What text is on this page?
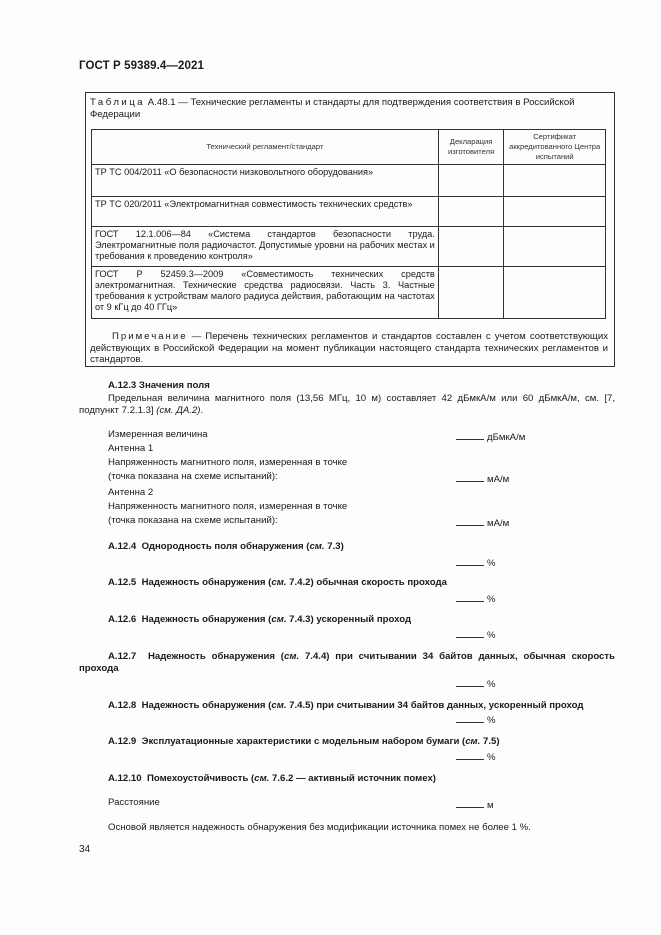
ГОСТ Р 59389.4—2021
Таблица А.48.1 — Технические регламенты и стандарты для подтверждения соответствия в Российской Федерации
Технический регламент/стандарт	Декларация изготовителя	Сертификат аккредитованного Центра испытаний
ТР ТС 004/2011 «О безопасности низковольтного оборудования»		
ТР ТС 020/2011 «Электромагнитная совместимость технических средств»		
ГОСТ 12.1.006—84 «Система стандартов безопасности труда. Электромагнитные поля радиочастот. Допустимые уровни на рабочих местах и требования к проведению контроля»		
ГОСТ Р 52459.3—2009 «Совместимость технических средств электромагнитная. Технические средства радиосвязи. Часть 3. Частные требования к устройствам малого радиуса действия, работающим на частотах от 9 кГц до 40 ГГц»		
Примечание — Перечень технических регламентов и стандартов составлен с учетом соответствующих действующих в Российской Федерации на момент публикации настоящего стандарта технических регламентов и стандартов.
А.12.3 Значения поля
Предельная величина магнитного поля (13,56 МГц, 10 м) составляет 42 дБмкА/м или 60 дБмкА/м, см. [7, подпункт 7.2.1.3] (см. ДА.2).
Измеренная величина	дБмкА/м
Антенна 1
Напряженность магнитного поля, измеренная в точке
(точка показана на схеме испытаний):	мА/м
Антенна 2
Напряженность магнитного поля, измеренная в точке
(точка показана на схеме испытаний):	мА/м
А.12.4 Однородность поля обнаружения (см. 7.3)
%
А.12.5 Надежность обнаружения (см. 7.4.2) обычная скорость прохода
%
А.12.6 Надежность обнаружения (см. 7.4.3) ускоренный проход
%
А.12.7 Надежность обнаружения (см. 7.4.4) при считывании 34 байтов данных, обычная скорость прохода
%
А.12.8 Надежность обнаружения (см. 7.4.5) при считывании 34 байтов данных, ускоренный проход
%
А.12.9 Эксплуатационные характеристики с модельным набором бумаги (см. 7.5)
%
А.12.10 Помехоустойчивость (см. 7.6.2 — активный источник помех)
Расстояние	м
Основой является надежность обнаружения без модификации источника помех не более 1 %.
34
